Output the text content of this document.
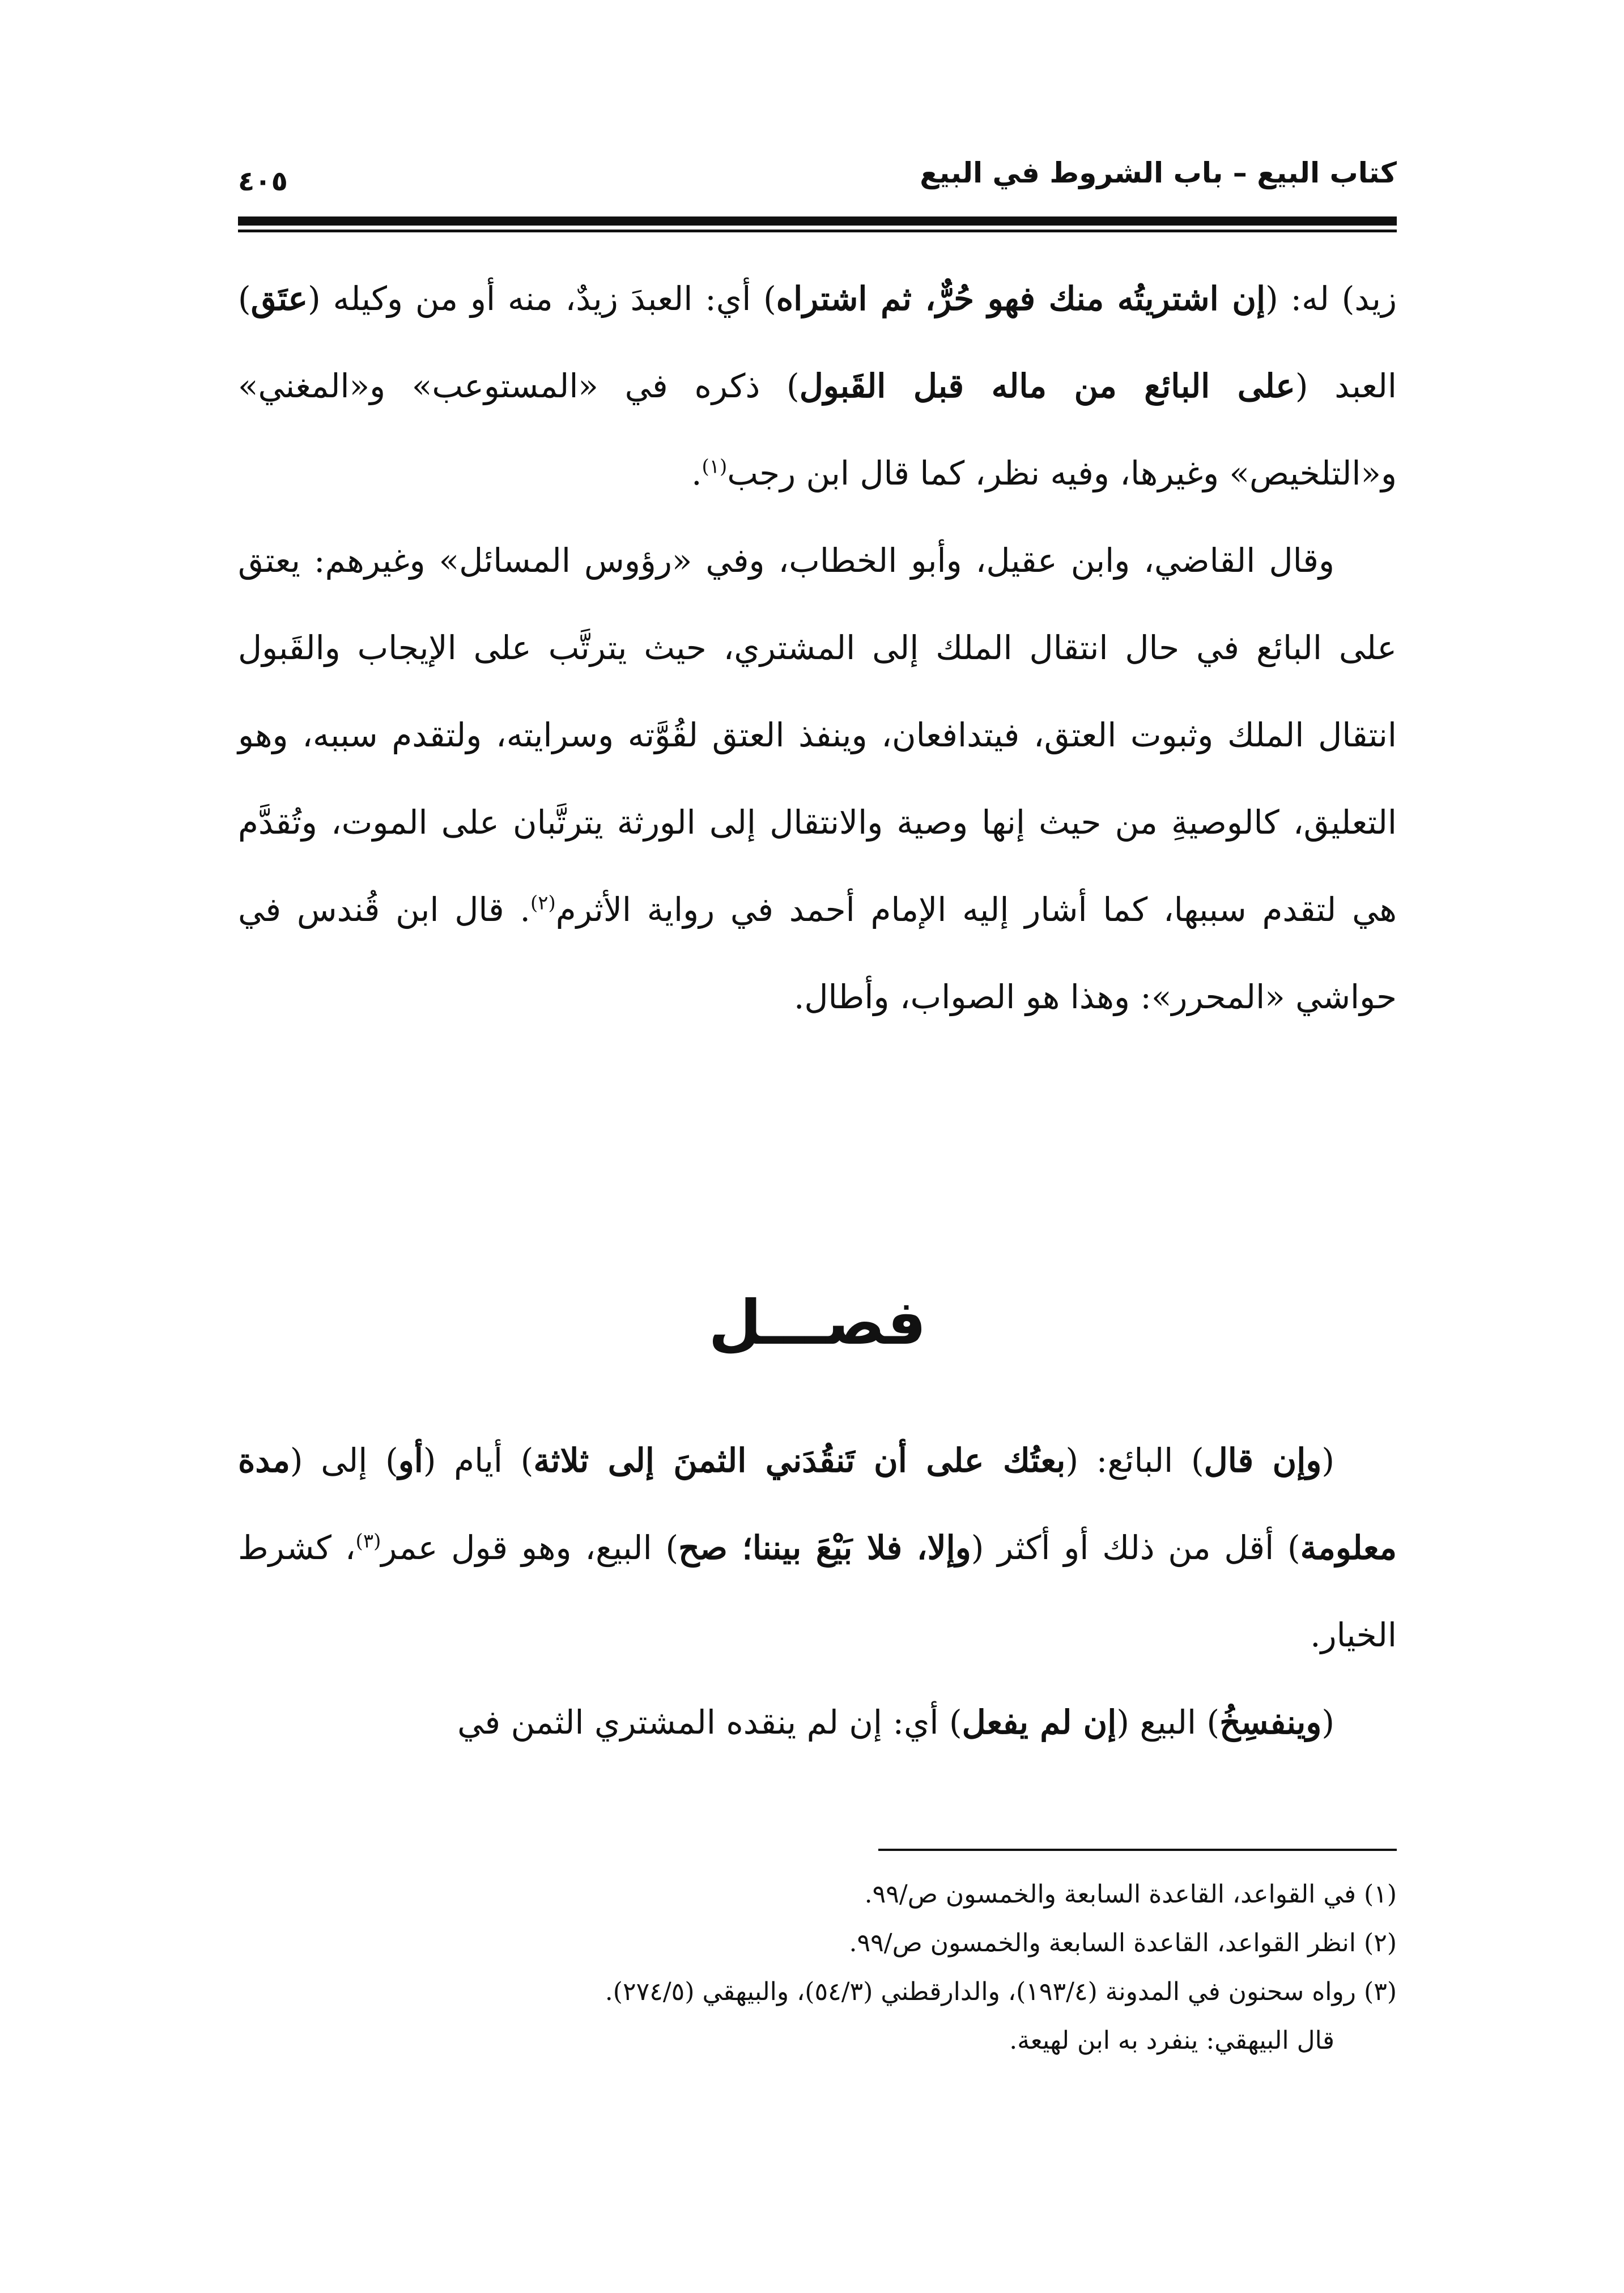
كتاب البيع – باب الشروط في البيع
٤٠٥

زيد) له: (إن اشتريتُه منك فهو حُرٌّ، ثم اشتراه) أي: العبدَ زيدٌ، منه أو من وكيله (عتَق) العبد (على البائع من ماله قبل القَبول) ذكره في «المستوعب» و«المغني» و«التلخيص» وغيرها، وفيه نظر، كما قال ابن رجب$^{(١)}$.

وقال القاضي، وابن عقيل، وأبو الخطاب، وفي «رؤوس المسائل» وغيرهم: يعتق على البائع في حال انتقال الملك إلى المشتري، حيث يترتَّب على الإيجاب والقَبول انتقال الملك وثبوت العتق، فيتدافعان، وينفذ العتق لقُوَّته وسرايته، ولتقدم سببه، وهو التعليق، كالوصيةِ من حيث إنها وصية والانتقال إلى الورثة يترتَّبان على الموت، وتُقدَّم هي لتقدم سببها، كما أشار إليه الإمام أحمد في رواية الأثرم$^{(٢)}$. قال ابن قُندس في حواشي «المحرر»: وهذا هو الصواب، وأطال.

فصـــل

(وإن قال) البائع: (بعتُك على أن تَنقُدَني الثمنَ إلى ثلاثة) أيام (أو) إلى (مدة معلومة) أقل من ذلك أو أكثر (وإلا، فلا بَيْعَ بيننا؛ صح) البيع، وهو قول عمر$^{(٣)}$، كشرط الخيار.

(وينفسِخُ) البيع (إن لم يفعل) أي: إن لم ينقده المشتري الثمن في

(١) في القواعد، القاعدة السابعة والخمسون ص/٩٩.

(٢) انظر القواعد، القاعدة السابعة والخمسون ص/٩٩.

(٣) رواه سحنون في المدونة (١٩٣/٤)، والدارقطني (٥٤/٣)، والبيهقي (٢٧٤/٥).

قال البيهقي: ينفرد به ابن لهيعة.
